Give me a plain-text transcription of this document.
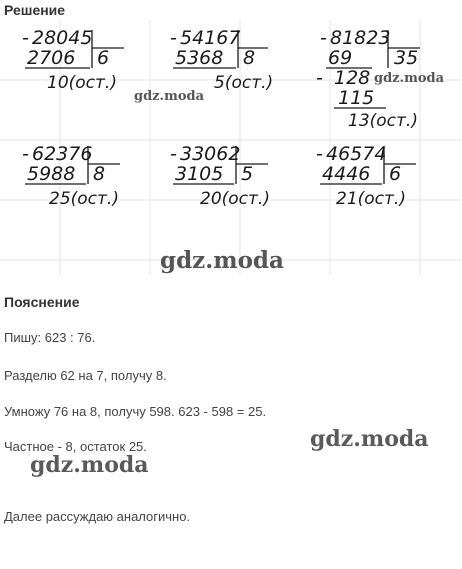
Решение
- 28045
2706 6
10(ост.)
- 54167
5368 8
5(ост.)
- 81823
69 35
- 128
115
13(ост.)
- 62376
5988 8
25(ост.)
- 33062
3105 5
20(ост.)
- 46574
4446 6
21(ост.)
gdz.moda
gdz.moda
gdz.moda
Пояснение
Пишу: 623 : 76.
Разделю 62 на 7, получу 8.
Умножу 76 на 8, получу 598. 623 - 598 = 25.
Частное - 8, остаток 25.
Далее рассуждаю аналогично.
gdz.moda
gdz.moda
